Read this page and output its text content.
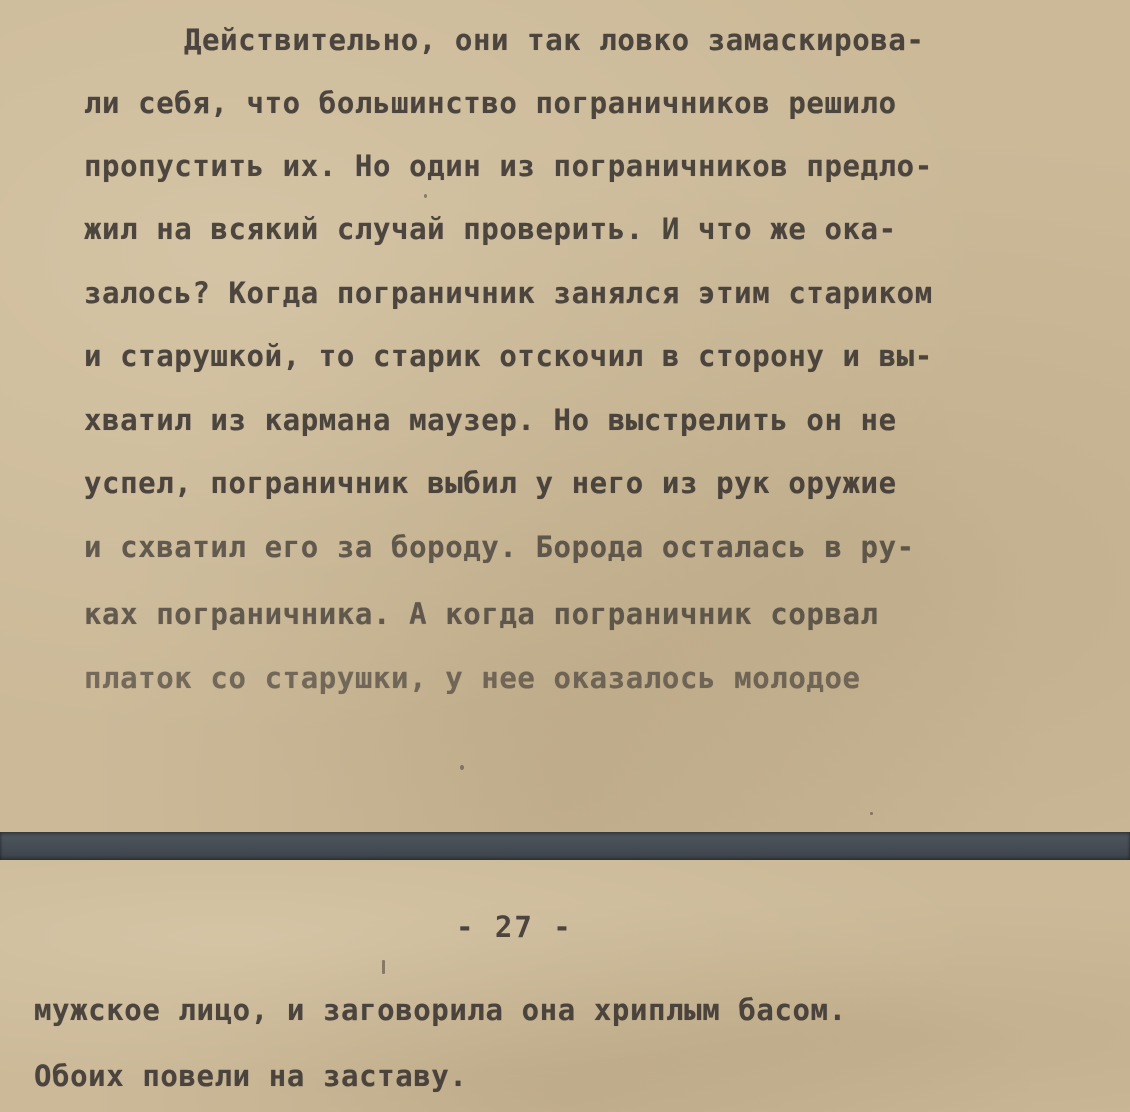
Действительно, они так ловко замаскирова-

ли себя, что большинство пограничников решило

пропустить их. Но один из пограничников предло-

жил на всякий случай проверить. И что же ока-

залось? Когда пограничник занялся этим стариком

и старушкой, то старик отскочил в сторону и вы-

хватил из кармана маузер. Но выстрелить он не

успел, пограничник выбил у него из рук оружие

и схватил его за бороду. Борода осталась в ру-

ках пограничника. А когда пограничник сорвал

платок со старушки, у нее оказалось молодое

- 27 -

мужское лицо, и заговорила она хриплым басом.

Обоих повели на заставу.
